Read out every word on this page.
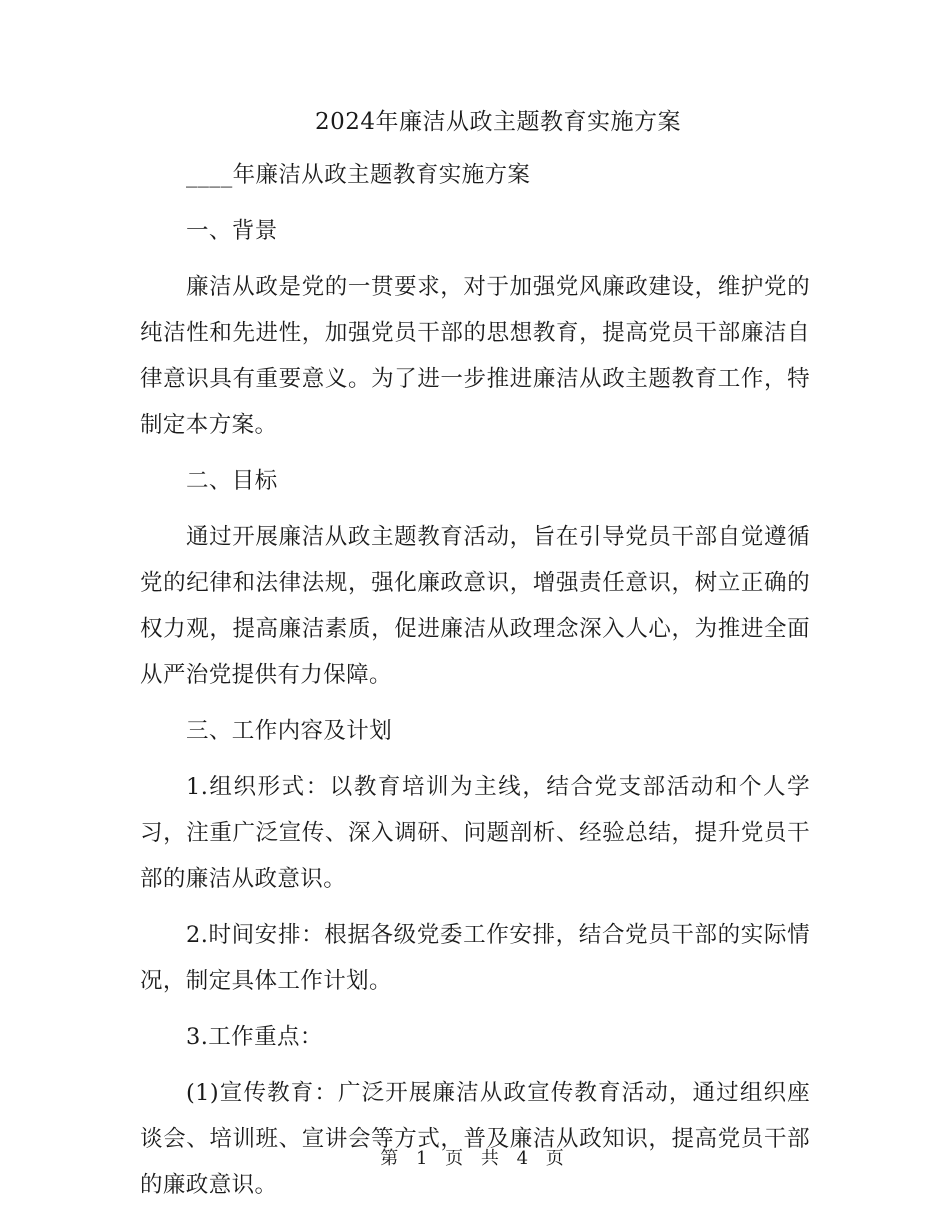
2024年廉洁从政主题教育实施方案

____年廉洁从政主题教育实施方案

一、背景

廉洁从政是党的一贯要求，对于加强党风廉政建设，维护党的纯洁性和先进性，加强党员干部的思想教育，提高党员干部廉洁自律意识具有重要意义。为了进一步推进廉洁从政主题教育工作，特制定本方案。

二、目标

通过开展廉洁从政主题教育活动，旨在引导党员干部自觉遵循党的纪律和法律法规，强化廉政意识，增强责任意识，树立正确的权力观，提高廉洁素质，促进廉洁从政理念深入人心，为推进全面从严治党提供有力保障。

三、工作内容及计划

1.组织形式：以教育培训为主线，结合党支部活动和个人学习，注重广泛宣传、深入调研、问题剖析、经验总结，提升党员干部的廉洁从政意识。

2.时间安排：根据各级党委工作安排，结合党员干部的实际情况，制定具体工作计划。

3.工作重点：

(1)宣传教育：广泛开展廉洁从政宣传教育活动，通过组织座谈会、培训班、宣讲会等方式，普及廉洁从政知识，提高党员干部的廉政意识。

第 1 页 共 4 页
